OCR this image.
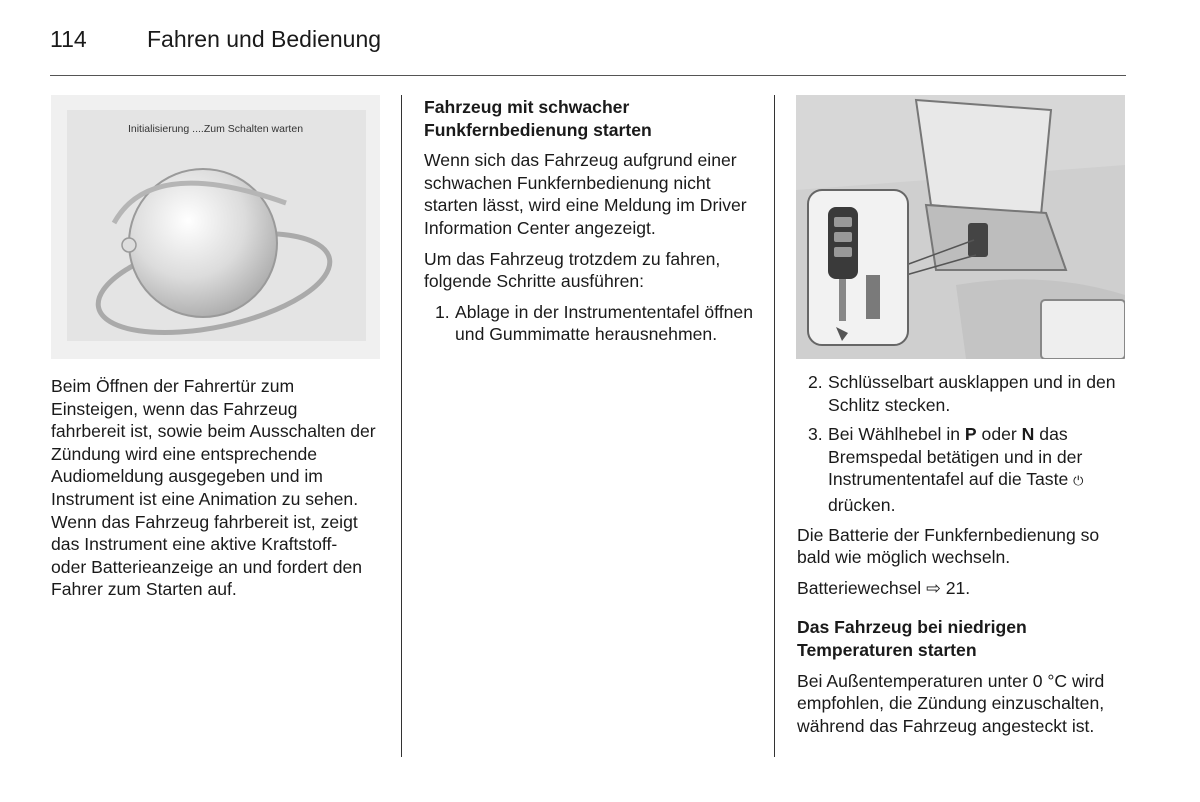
114	Fahren und Bedienung
Initialisierung ....Zum Schalten warten

Beim Öffnen der Fahrertür zum Einsteigen, wenn das Fahrzeug fahrbereit ist, sowie beim Ausschalten der Zündung wird eine entsprechende Audiomeldung ausgegeben und im Instrument ist eine Animation zu sehen. Wenn das Fahrzeug fahrbereit ist, zeigt das Instrument eine aktive Kraftstoff- oder Batterieanzeige an und fordert den Fahrer zum Starten auf.

Fahrzeug mit schwacher Funkfernbedienung starten

Wenn sich das Fahrzeug aufgrund einer schwachen Funkfernbedienung nicht starten lässt, wird eine Meldung im Driver Information Center angezeigt.

Um das Fahrzeug trotzdem zu fahren, folgende Schritte ausführen:

1. Ablage in der Instrumententafel öffnen und Gummimatte herausnehmen.
2. Schlüsselbart ausklappen und in den Schlitz stecken.
3. Bei Wählhebel in P oder N das Bremspedal betätigen und in der Instrumententafel auf die Taste ⏻ drücken.

Die Batterie der Funkfernbedienung so bald wie möglich wechseln.

Batteriewechsel ⇨ 21.

Das Fahrzeug bei niedrigen Temperaturen starten

Bei Außentemperaturen unter 0 °C wird empfohlen, die Zündung einzuschalten, während das Fahrzeug angesteckt ist.
